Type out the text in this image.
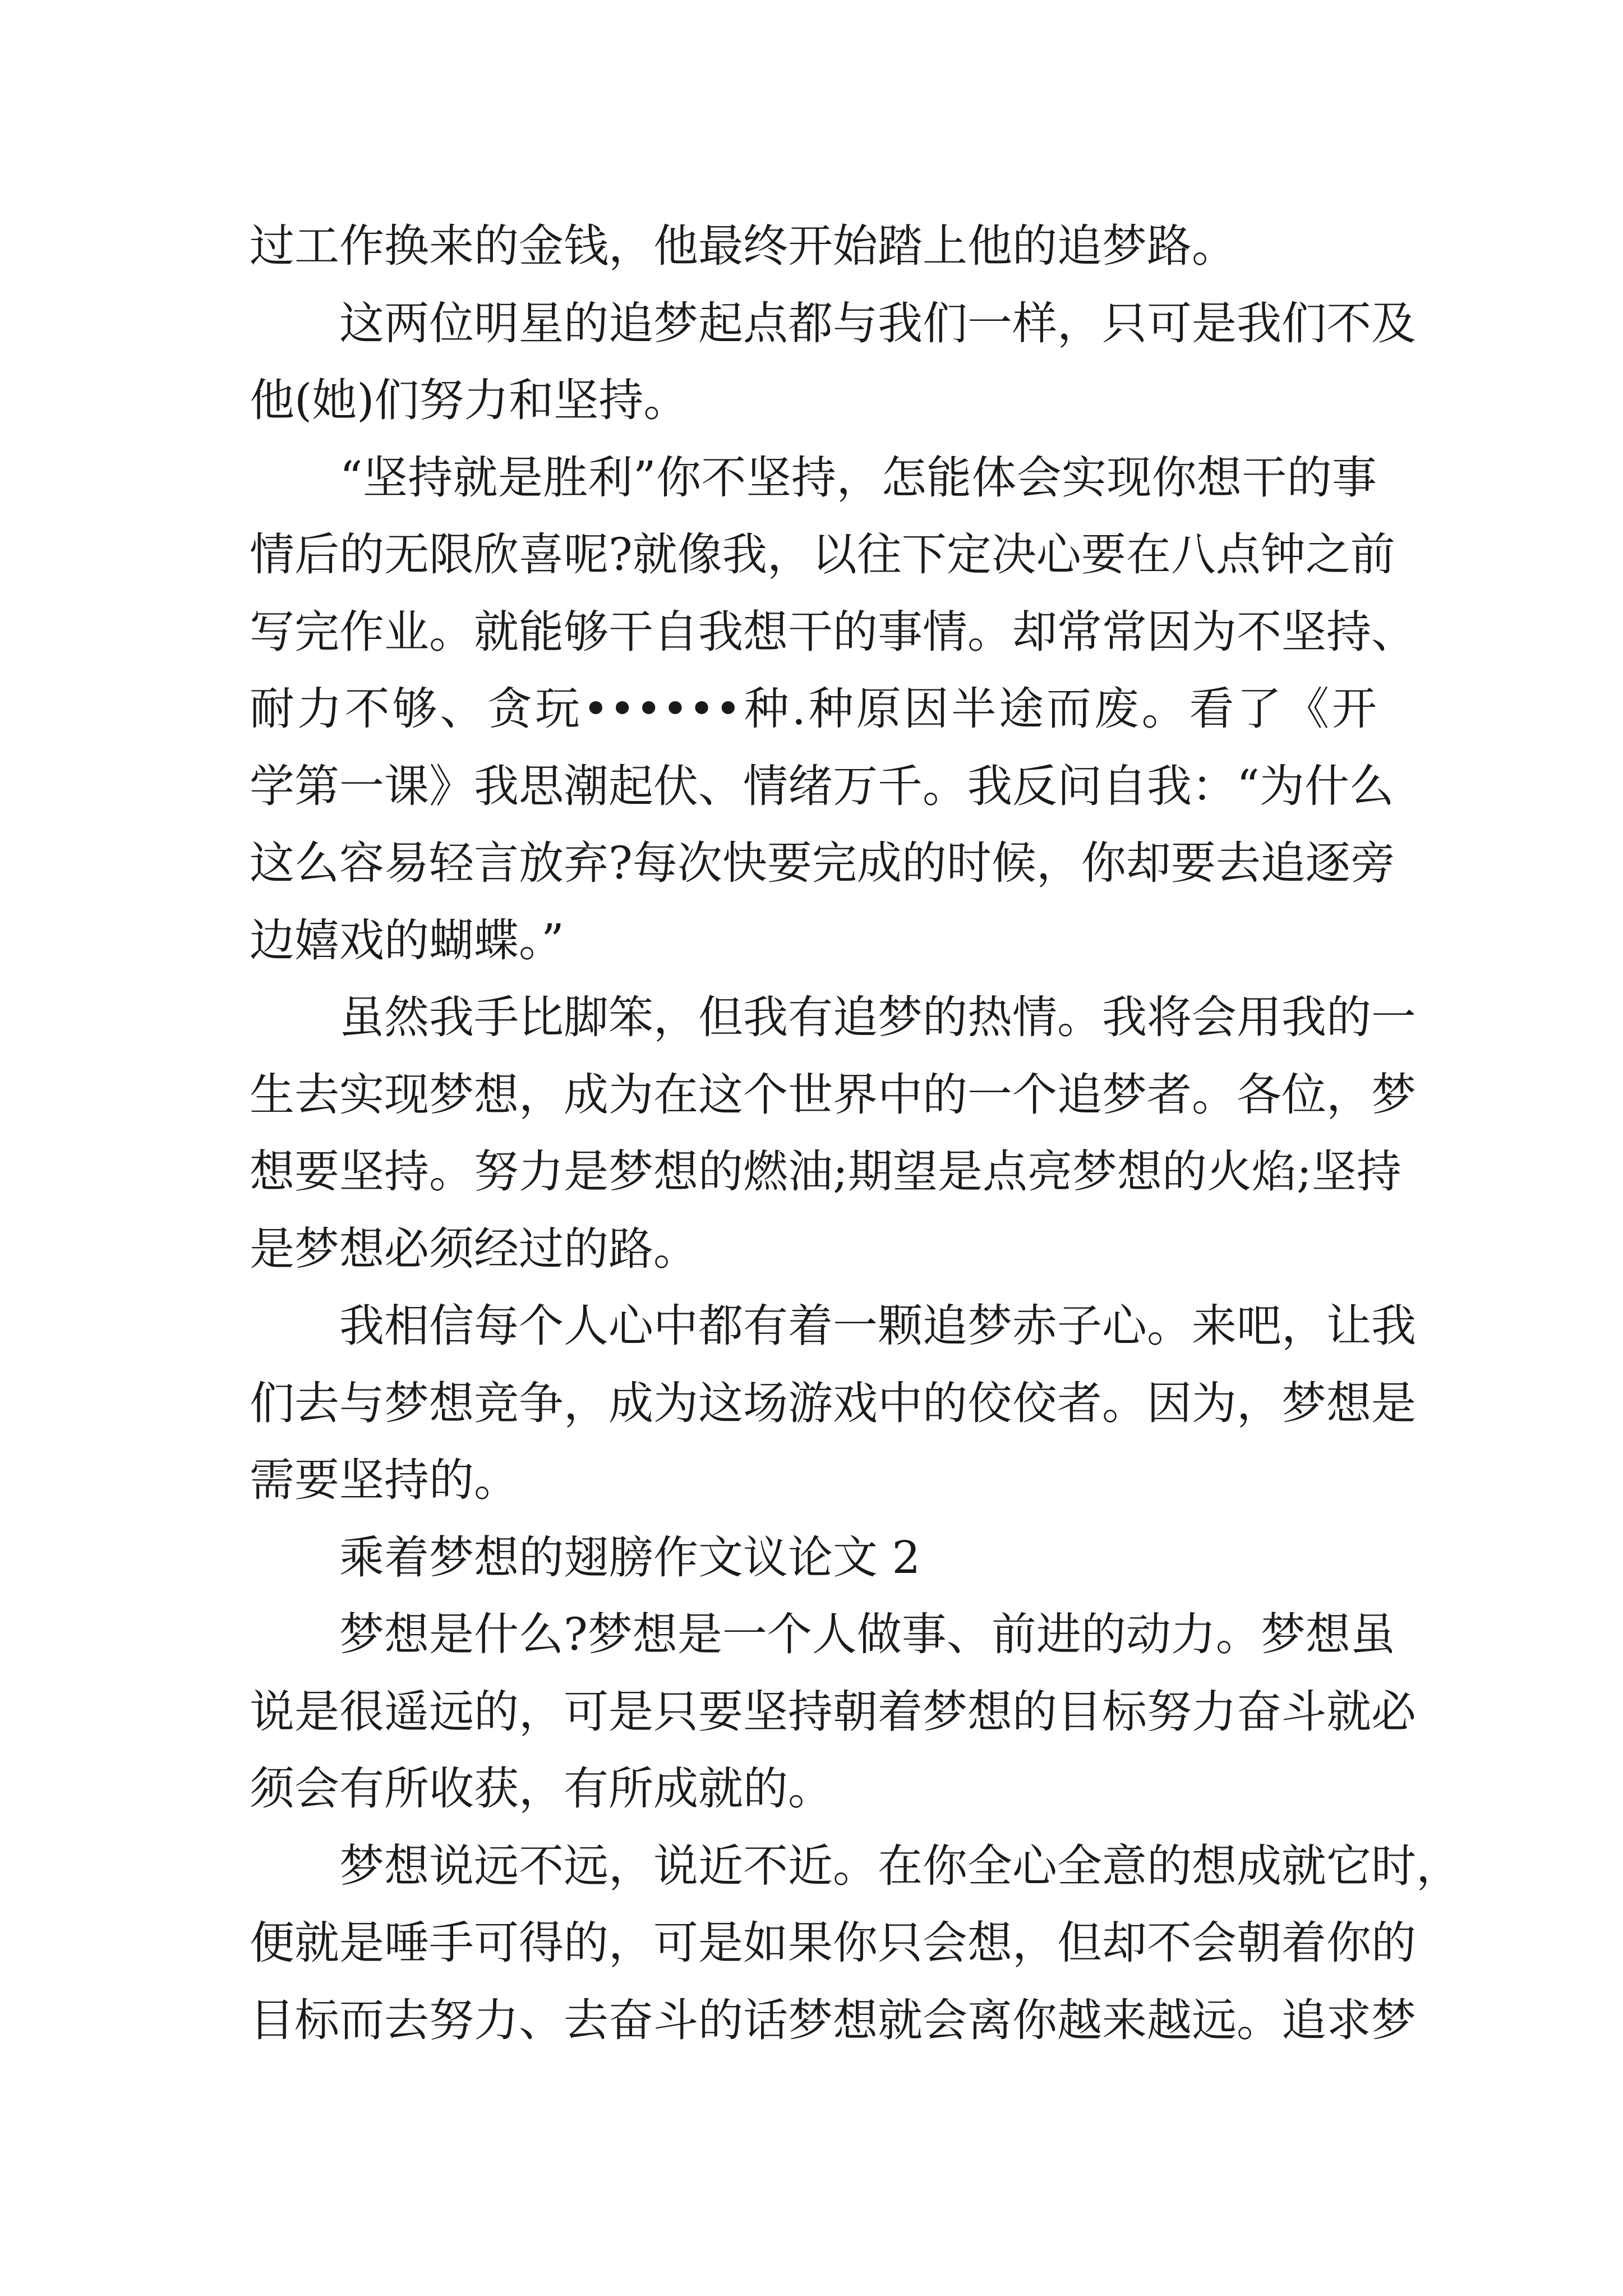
过工作换来的金钱，他最终开始踏上他的追梦路。
　　这两位明星的追梦起点都与我们一样，只可是我们不及
他(她)们努力和坚持。
　　“坚持就是胜利”你不坚持，怎能体会实现你想干的事
情后的无限欣喜呢?就像我，以往下定决心要在八点钟之前
写完作业。就能够干自我想干的事情。却常常因为不坚持、
耐力不够、贪玩••••••种.种原因半途而废。看了《开
学第一课》我思潮起伏、情绪万千。我反问自我：“为什么
这么容易轻言放弃?每次快要完成的时候，你却要去追逐旁
边嬉戏的蝴蝶。”
　　虽然我手比脚笨，但我有追梦的热情。我将会用我的一
生去实现梦想，成为在这个世界中的一个追梦者。各位，梦
想要坚持。努力是梦想的燃油;期望是点亮梦想的火焰;坚持
是梦想必须经过的路。
　　我相信每个人心中都有着一颗追梦赤子心。来吧，让我
们去与梦想竞争，成为这场游戏中的佼佼者。因为，梦想是
需要坚持的。
　　乘着梦想的翅膀作文议论文 2
　　梦想是什么?梦想是一个人做事、前进的动力。梦想虽
说是很遥远的，可是只要坚持朝着梦想的目标努力奋斗就必
须会有所收获，有所成就的。
　　梦想说远不远，说近不近。在你全心全意的想成就它时，
便就是唾手可得的，可是如果你只会想，但却不会朝着你的
目标而去努力、去奋斗的话梦想就会离你越来越远。追求梦
